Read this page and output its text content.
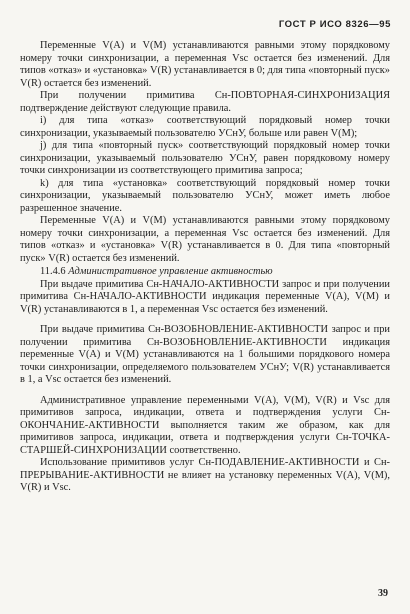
ГОСТ Р ИСО 8326—95

Переменные V(A) и V(M) устанавливаются равными этому порядковому номеру точки синхронизации, а переменная Vsc остается без изменений. Для типов «отказ» и «установка» V(R) устанавливается в 0; для типа «повторный пуск» V(R) остается без изменений.

При получении примитива Сн-ПОВТОРНАЯ-СИНХРОНИЗАЦИЯ подтверждение действуют следующие правила.

i) для типа «отказ» соответствующий порядковый номер точки синхронизации, указываемый пользователю УСнУ, больше или равен V(M);

j) для типа «повторный пуск» соответствующий порядковый номер точки синхронизации, указываемый пользователю УСнУ, равен порядковому номеру точки синхронизации из соответствующего примитива запроса;

k) для типа «установка» соответствующий порядковый номер точки синхронизации, указываемый пользователю УСнУ, может иметь любое разрешенное значение.

Переменные V(A) и V(M) устанавливаются равными этому порядковому номеру точки синхронизации, а переменная Vsc остается без изменений. Для типов «отказ» и «установка» V(R) устанавливается в 0. Для типа «повторный пуск» V(R) остается без изменений.

11.4.6 Административное управление активностью

При выдаче примитива Сн-НАЧАЛО-АКТИВНОСТИ запрос и при получении примитива Сн-НАЧАЛО-АКТИВНОСТИ индикация переменные V(A), V(M) и V(R) устанавливаются в 1, а переменная Vsc остается без изменений.

При выдаче примитива Сн-ВОЗОБНОВЛЕНИЕ-АКТИВНОСТИ запрос и при получении примитива Сн-ВОЗОБНОВЛЕНИЕ-АКТИВНОСТИ индикация переменные V(A) и V(M) устанавливаются на 1 большими порядкового номера точки синхронизации, определяемого пользователем УСнУ; V(R) устанавливается в 1, а Vsc остается без изменений.

Административное управление переменными V(A), V(M), V(R) и Vsc для примитивов запроса, индикации, ответа и подтверждения услуги Сн-ОКОНЧАНИЕ-АКТИВНОСТИ выполняется таким же образом, как для примитивов запроса, индикации, ответа и подтверждения услуги Сн-ТОЧКА-СТАРШЕЙ-СИНХРОНИЗАЦИИ соответственно.

Использование примитивов услуг Сн-ПОДАВЛЕНИЕ-АКТИВНОСТИ и Сн-ПРЕРЫВАНИЕ-АКТИВНОСТИ не влияет на установку переменных V(A), V(M), V(R) и Vsc.

39
